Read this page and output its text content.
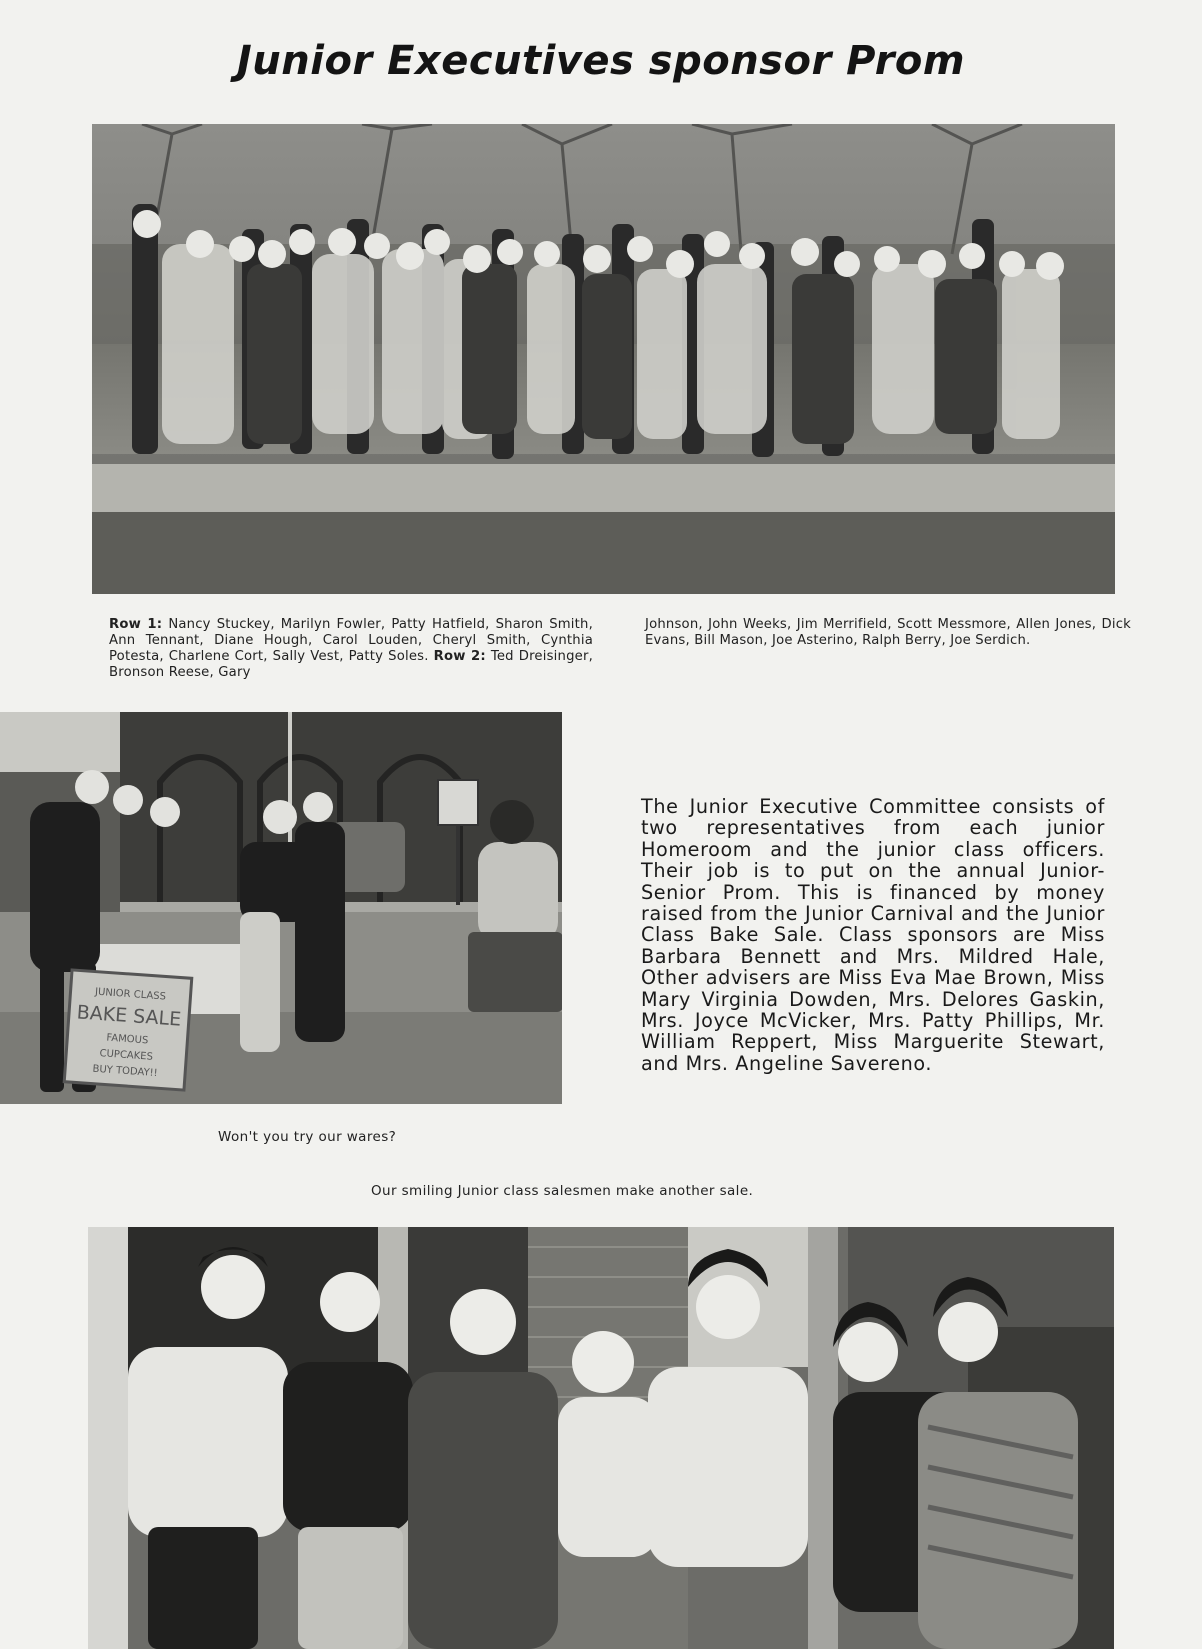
Junior Executives sponsor Prom
Row 1: Nancy Stuckey, Marilyn Fowler, Patty Hatfield, Sharon Smith, Ann Tennant, Diane Hough, Carol Louden, Cheryl Smith, Cynthia Potesta, Charlene Cort, Sally Vest, Patty Soles. Row 2: Ted Dreisinger, Bronson Reese, Gary
Johnson, John Weeks, Jim Merrifield, Scott Messmore, Allen Jones, Dick Evans, Bill Mason, Joe Asterino, Ralph Berry, Joe Serdich.
JUNIOR CLASS
BAKE SALE
FAMOUS
CUPCAKES
BUY TODAY!!
The Junior Executive Committee consists of two representatives from each junior Homeroom and the junior class officers. Their job is to put on the annual Junior-Senior Prom. This is financed by money raised from the Junior Carnival and the Junior Class Bake Sale. Class sponsors are Miss Barbara Bennett and Mrs. Mildred Hale, Other advisers are Miss Eva Mae Brown, Miss Mary Virginia Dowden, Mrs. Delores Gaskin, Mrs. Joyce McVicker, Mrs. Patty Phillips, Mr. William Reppert, Miss Marguerite Stewart, and Mrs. Angeline Savereno.
Won't you try our wares?
Our smiling Junior class salesmen make another sale.
